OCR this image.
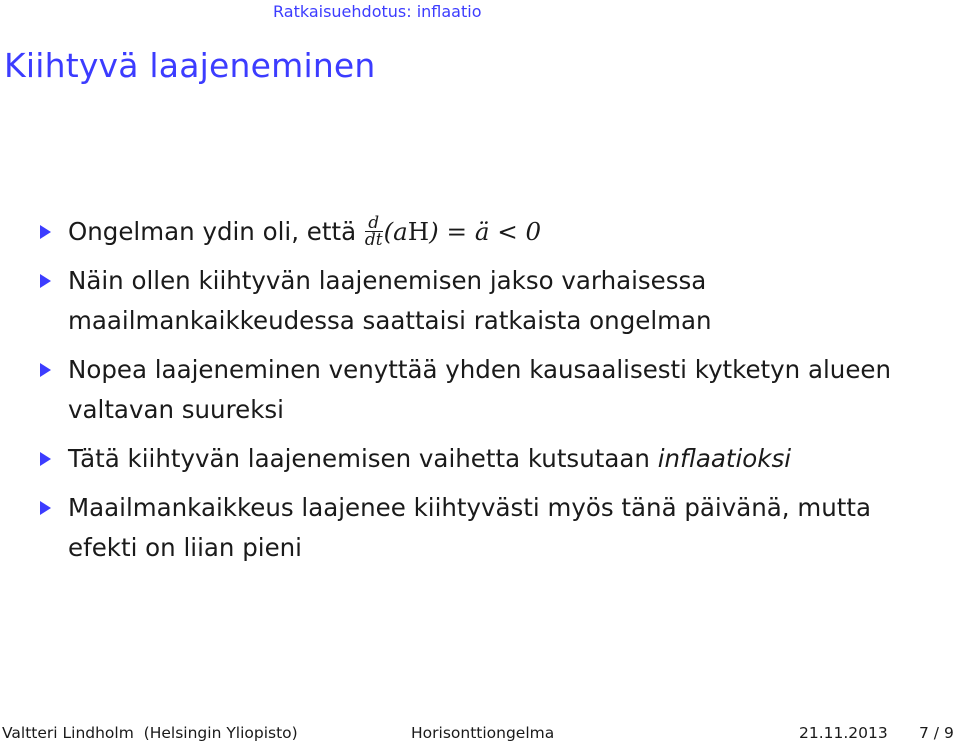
Ratkaisuehdotus: inflaatio
Kiihtyvä laajeneminen
Ongelman ydin oli, että $\frac{d}{dt} (aH)$ = ä < 0
Näin ollen kiihtyvän laajenemisen jakso varhaisessa maailmankaikkeudessa saattaisi ratkaista ongelman
Nopea laajeneminen venyttää yhden kausaalisesti kytketyn alueen valtavan suureksi
Tätä kiihtyvän laajenemisen vaihetta kutsutaan inflaatioksi
Maailmankaikkeus laajenee kiihtyvästi myös tänä päivänä, mutta efekti on liian pieni
Valtteri Lindholm  (Helsingin Yliopisto)	Horisonttiongelma	21.11.2013 7 / 9
